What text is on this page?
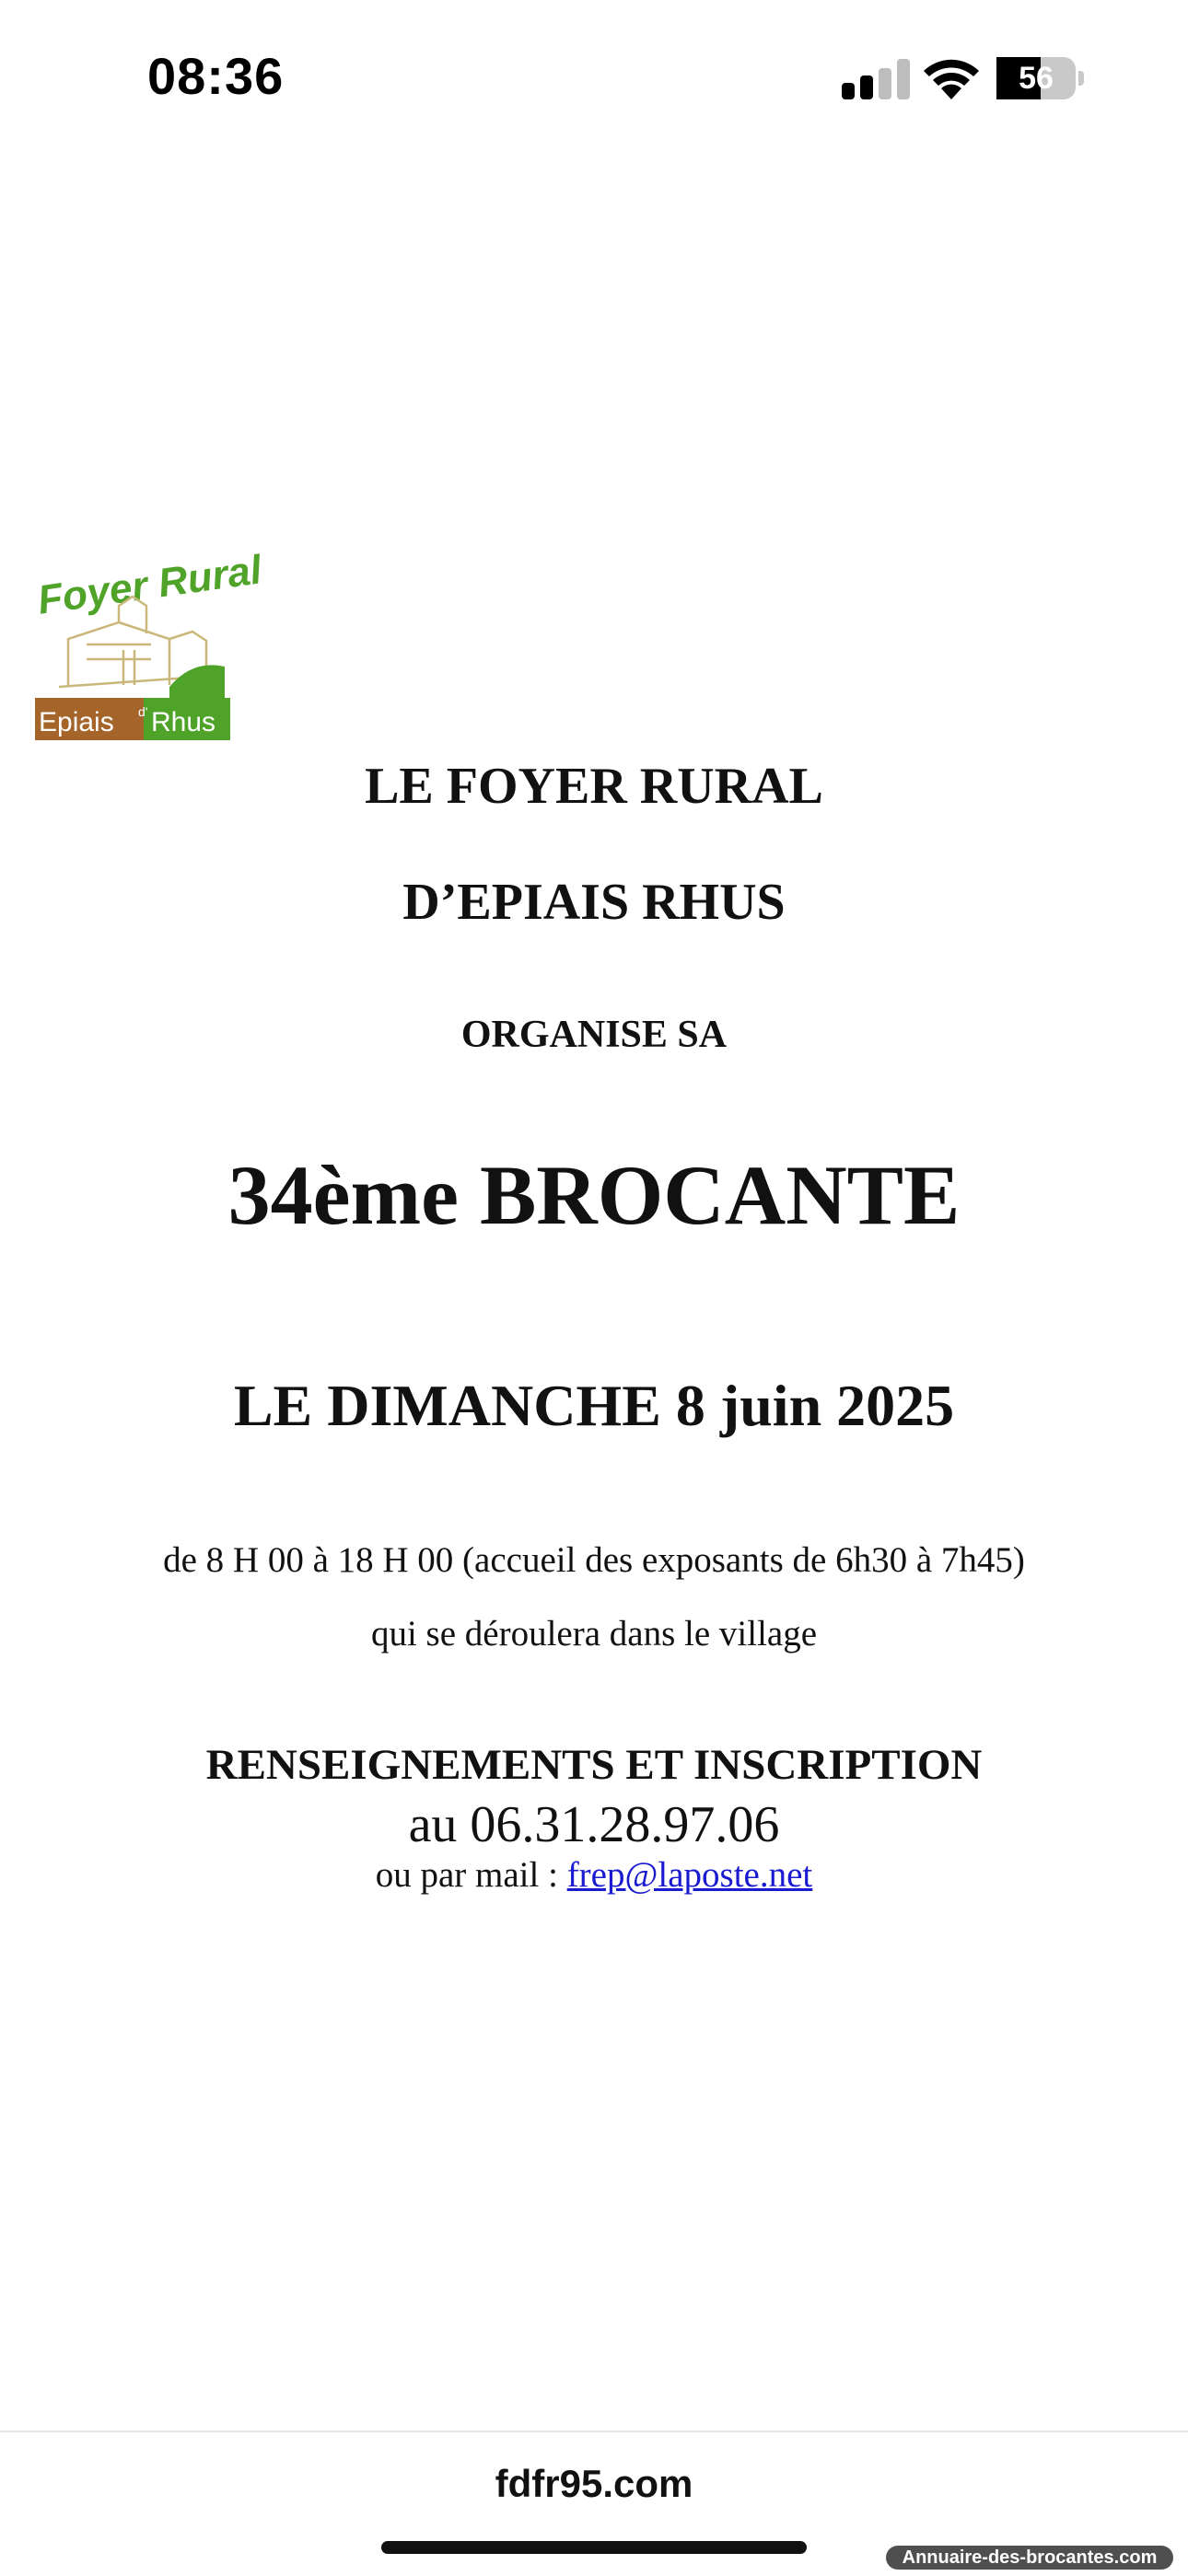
08:36	56
Foyer Rural
Epiais d' Rhus
LE FOYER RURAL
D’EPIAIS RHUS
ORGANISE SA
34ème BROCANTE
LE DIMANCHE 8 juin 2025
de 8 H 00 à 18 H 00 (accueil des exposants de 6h30 à 7h45)
qui se déroulera dans le village
RENSEIGNEMENTS ET INSCRIPTION
au 06.31.28.97.06
ou par mail : frep@laposte.net
fdfr95.com
Annuaire-des-brocantes.com
